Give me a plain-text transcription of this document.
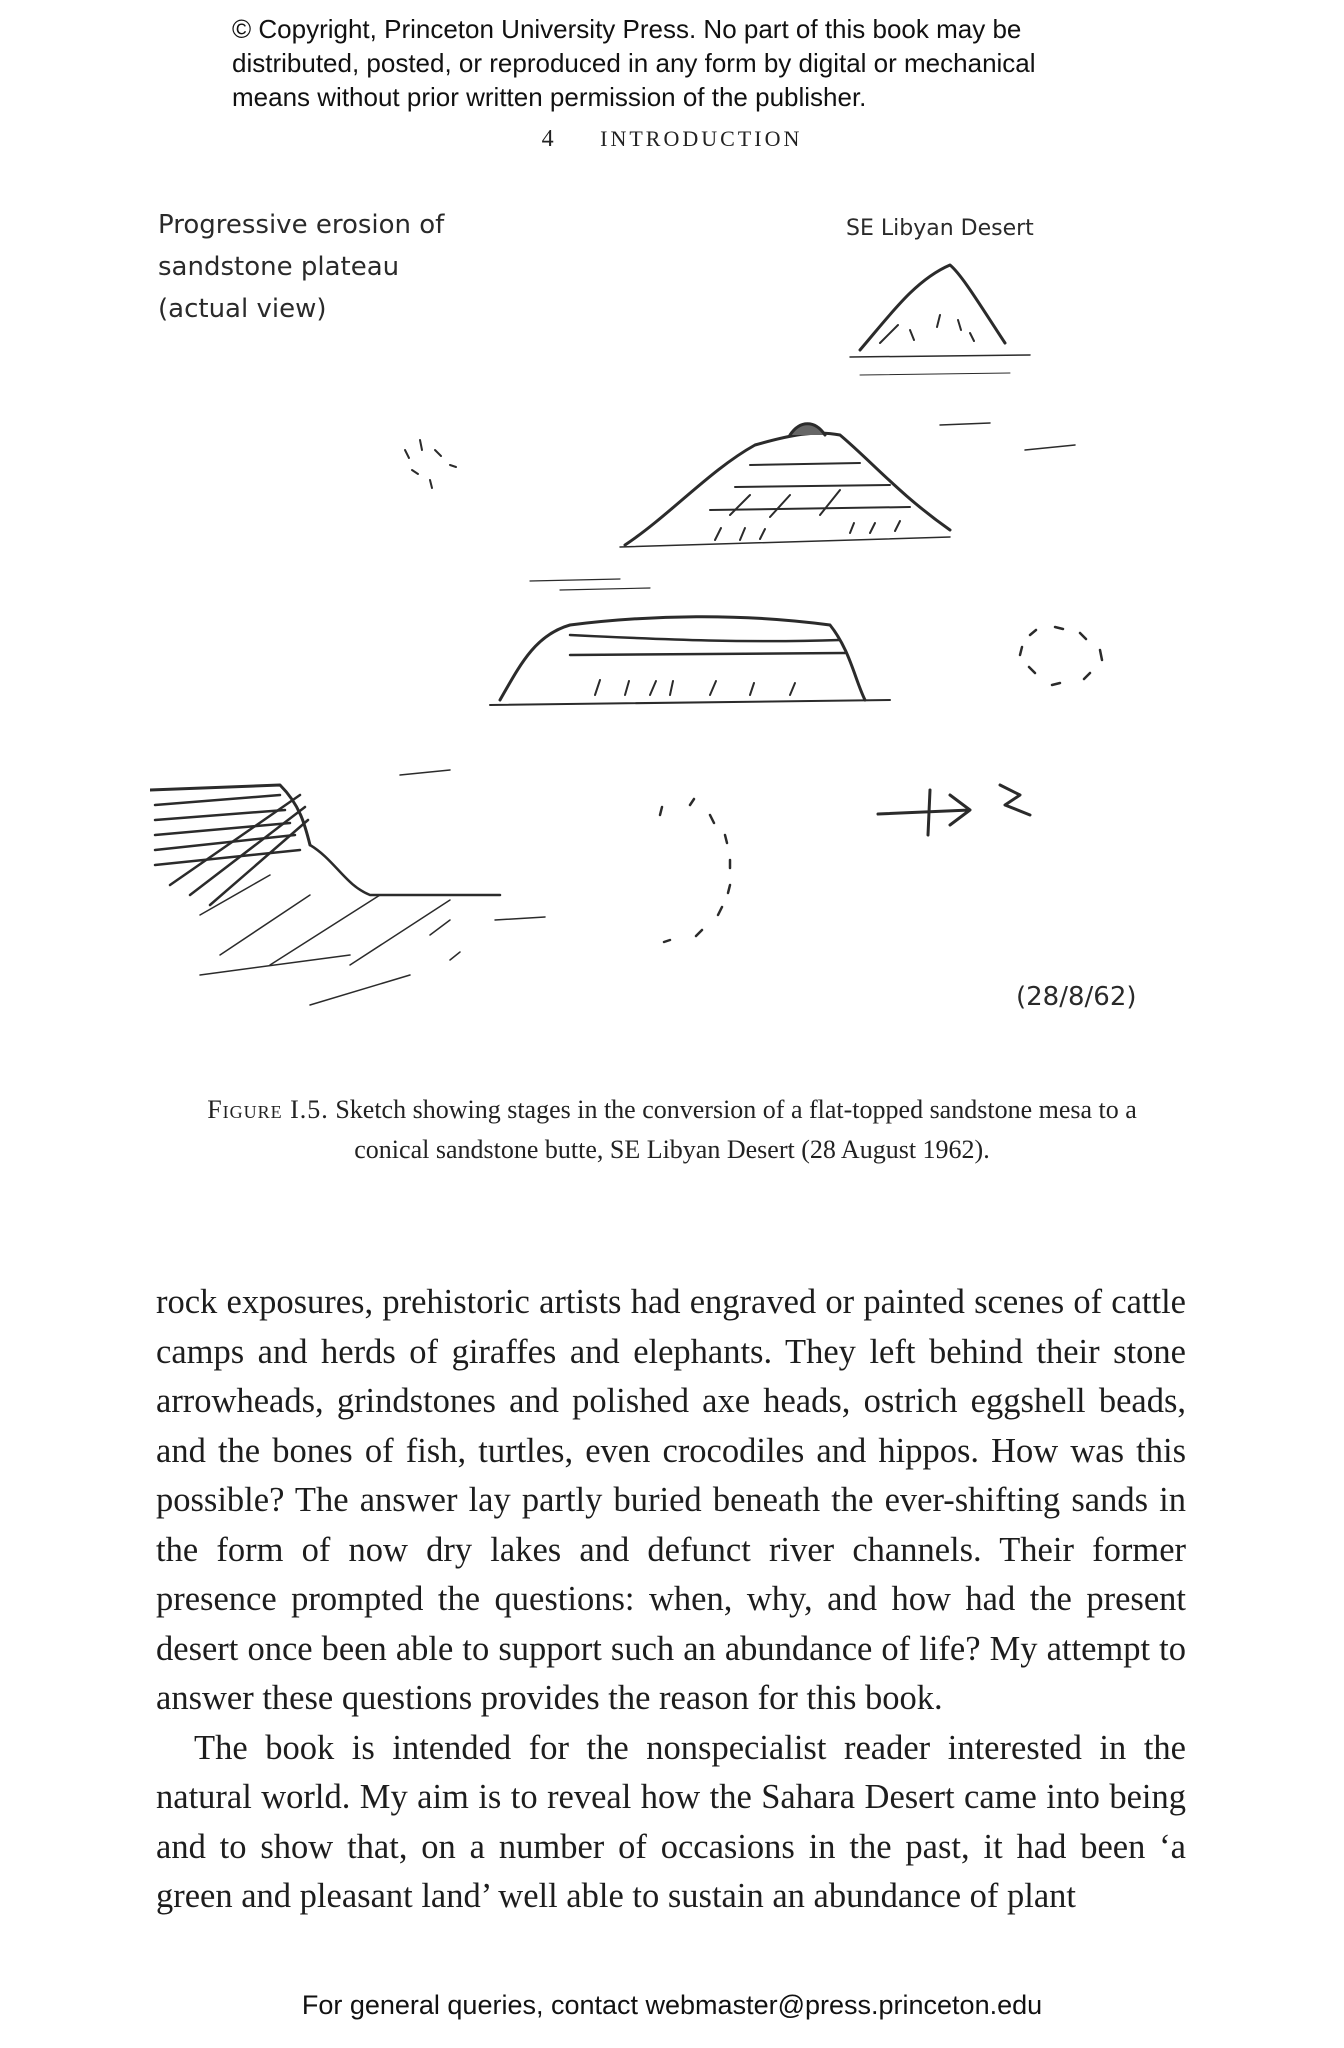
© Copyright, Princeton University Press. No part of this book may be
distributed, posted, or reproduced in any form by digital or mechanical
means without prior written permission of the publisher.
4 INTRODUCTION
Progressive erosion of
sandstone plateau
(actual view)
SE Libyan Desert
(28/8/62)
Figure I.5. Sketch showing stages in the conversion of a flat-topped sandstone mesa to a conical sandstone butte, SE Libyan Desert (28 August 1962).

rock exposures, prehistoric artists had engraved or painted scenes of cattle camps and herds of giraffes and elephants. They left behind their stone arrowheads, grindstones and polished axe heads, ostrich eggshell beads, and the bones of fish, turtles, even crocodiles and hippos. How was this possible? The answer lay partly buried beneath the ever-shifting sands in the form of now dry lakes and defunct river channels. Their former presence prompted the questions: when, why, and how had the present desert once been able to support such an abundance of life? My attempt to answer these questions provides the reason for this book.

The book is intended for the nonspecialist reader interested in the natural world. My aim is to reveal how the Sahara Desert came into being and to show that, on a number of occasions in the past, it had been ‘a green and pleasant land’ well able to sustain an abundance of plant

For general queries, contact webmaster@press.princeton.edu
